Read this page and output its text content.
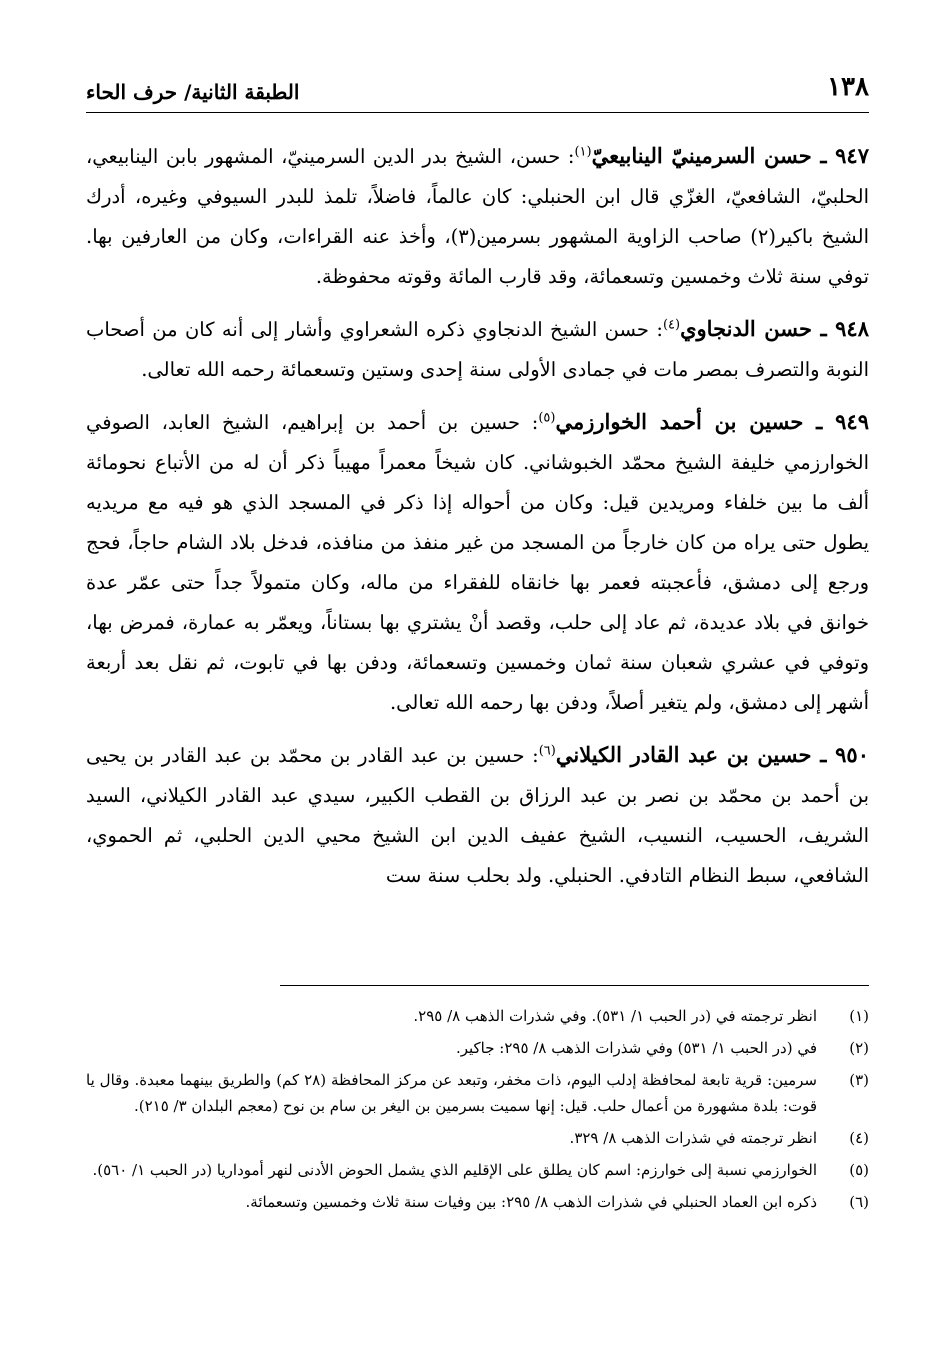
١٣٨
الطبقة الثانية/ حرف الحاء

٩٤٧ ـ حسن السرمينيّ الينابيعيّ$^{(١)}$: حسن، الشيخ بدر الدين السرمينيّ، المشهور بابن الينابيعي، الحلبيّ، الشافعيّ، الغزّي قال ابن الحنبلي: كان عالماً، فاضلاً، تلمذ للبدر السيوفي وغيره، أدرك الشيخ باكير(٢) صاحب الزاوية المشهور بسرمين(٣)، وأخذ عنه القراءات، وكان من العارفين بها. توفي سنة ثلاث وخمسين وتسعمائة، وقد قارب المائة وقوته محفوظة.

٩٤٨ ـ حسن الدنجاوي$^{(٤)}$: حسن الشيخ الدنجاوي ذكره الشعراوي وأشار إلى أنه كان من أصحاب النوبة والتصرف بمصر مات في جمادى الأولى سنة إحدى وستين وتسعمائة رحمه الله تعالى.

٩٤٩ ـ حسين بن أحمد الخوارزمي$^{(٥)}$: حسين بن أحمد بن إبراهيم، الشيخ العابد، الصوفي الخوارزمي خليفة الشيخ محمّد الخبوشاني. كان شيخاً معمراً مهيباً ذكر أن له من الأتباع نحومائة ألف ما بين خلفاء ومريدين قيل: وكان من أحواله إذا ذكر في المسجد الذي هو فيه مع مريديه يطول حتى يراه من كان خارجاً من المسجد من غير منفذ من منافذه، فدخل بلاد الشام حاجاً، فحج ورجع إلى دمشق، فأعجبته فعمر بها خانقاه للفقراء من ماله، وكان متمولاً جداً حتى عمّر عدة خوانق في بلاد عديدة، ثم عاد إلى حلب، وقصد أنْ يشتري بها بستاناً، ويعمّر به عمارة، فمرض بها، وتوفي في عشري شعبان سنة ثمان وخمسين وتسعمائة، ودفن بها في تابوت، ثم نقل بعد أربعة أشهر إلى دمشق، ولم يتغير أصلاً، ودفن بها رحمه الله تعالى.

٩٥٠ ـ حسين بن عبد القادر الكيلاني$^{(٦)}$: حسين بن عبد القادر بن محمّد بن عبد القادر بن يحيى بن أحمد بن محمّد بن نصر بن عبد الرزاق بن القطب الكبير، سيدي عبد القادر الكيلاني، السيد الشريف، الحسيب، النسيب، الشيخ عفيف الدين ابن الشيخ محيي الدين الحلبي، ثم الحموي، الشافعي، سبط النظام التادفي. الحنبلي. ولد بحلب سنة ست

(١)
انظر ترجمته في (در الحبب ١/ ٥٣١). وفي شذرات الذهب ٨/ ٢٩٥.
(٢)
في (در الحبب ١/ ٥٣١) وفي شذرات الذهب ٨/ ٢٩٥: جاكير.
(٣)
سرمين: قرية تابعة لمحافظة إدلب اليوم، ذات مخفر، وتبعد عن مركز المحافظة (٢٨ كم) والطريق بينهما معبدة. وقال يا قوت: بلدة مشهورة من أعمال حلب. قيل: إنها سميت بسرمين بن اليغر بن سام بن نوح (معجم البلدان ٣/ ٢١٥).
(٤)
انظر ترجمته في شذرات الذهب ٨/ ٣٢٩.
(٥)
الخوارزمي نسبة إلى خوارزم: اسم كان يطلق على الإقليم الذي يشمل الحوض الأدنى لنهر أموداريا (در الحبب ١/ ٥٦٠).
(٦)
ذكره ابن العماد الحنبلي في شذرات الذهب ٨/ ٢٩٥: بين وفيات سنة ثلاث وخمسين وتسعمائة.
